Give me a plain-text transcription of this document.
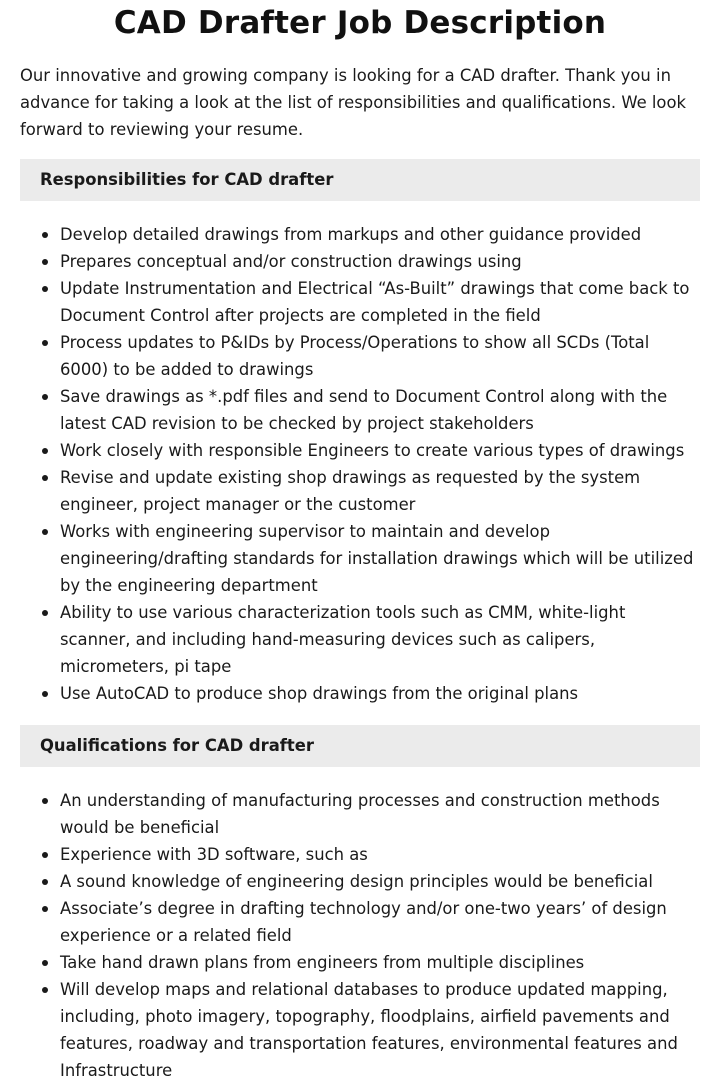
CAD Drafter Job Description

Our innovative and growing company is looking for a CAD drafter. Thank you in advance for taking a look at the list of responsibilities and qualifications. We look forward to reviewing your resume.

Responsibilities for CAD drafter
Develop detailed drawings from markups and other guidance provided
Prepares conceptual and/or construction drawings using
Update Instrumentation and Electrical “As-Built” drawings that come back to Document Control after projects are completed in the field
Process updates to P&IDs by Process/Operations to show all SCDs (Total 6000) to be added to drawings
Save drawings as *.pdf files and send to Document Control along with the latest CAD revision to be checked by project stakeholders
Work closely with responsible Engineers to create various types of drawings
Revise and update existing shop drawings as requested by the system engineer, project manager or the customer
Works with engineering supervisor to maintain and develop engineering/drafting standards for installation drawings which will be utilized by the engineering department
Ability to use various characterization tools such as CMM, white-light scanner, and including hand-measuring devices such as calipers, micrometers, pi tape
Use AutoCAD to produce shop drawings from the original plans
Qualifications for CAD drafter
An understanding of manufacturing processes and construction methods would be beneficial
Experience with 3D software, such as
A sound knowledge of engineering design principles would be beneficial
Associate’s degree in drafting technology and/or one-two years’ of design experience or a related field
Take hand drawn plans from engineers from multiple disciplines
Will develop maps and relational databases to produce updated mapping, including, photo imagery, topography, floodplains, airfield pavements and features, roadway and transportation features, environmental features and Infrastructure
